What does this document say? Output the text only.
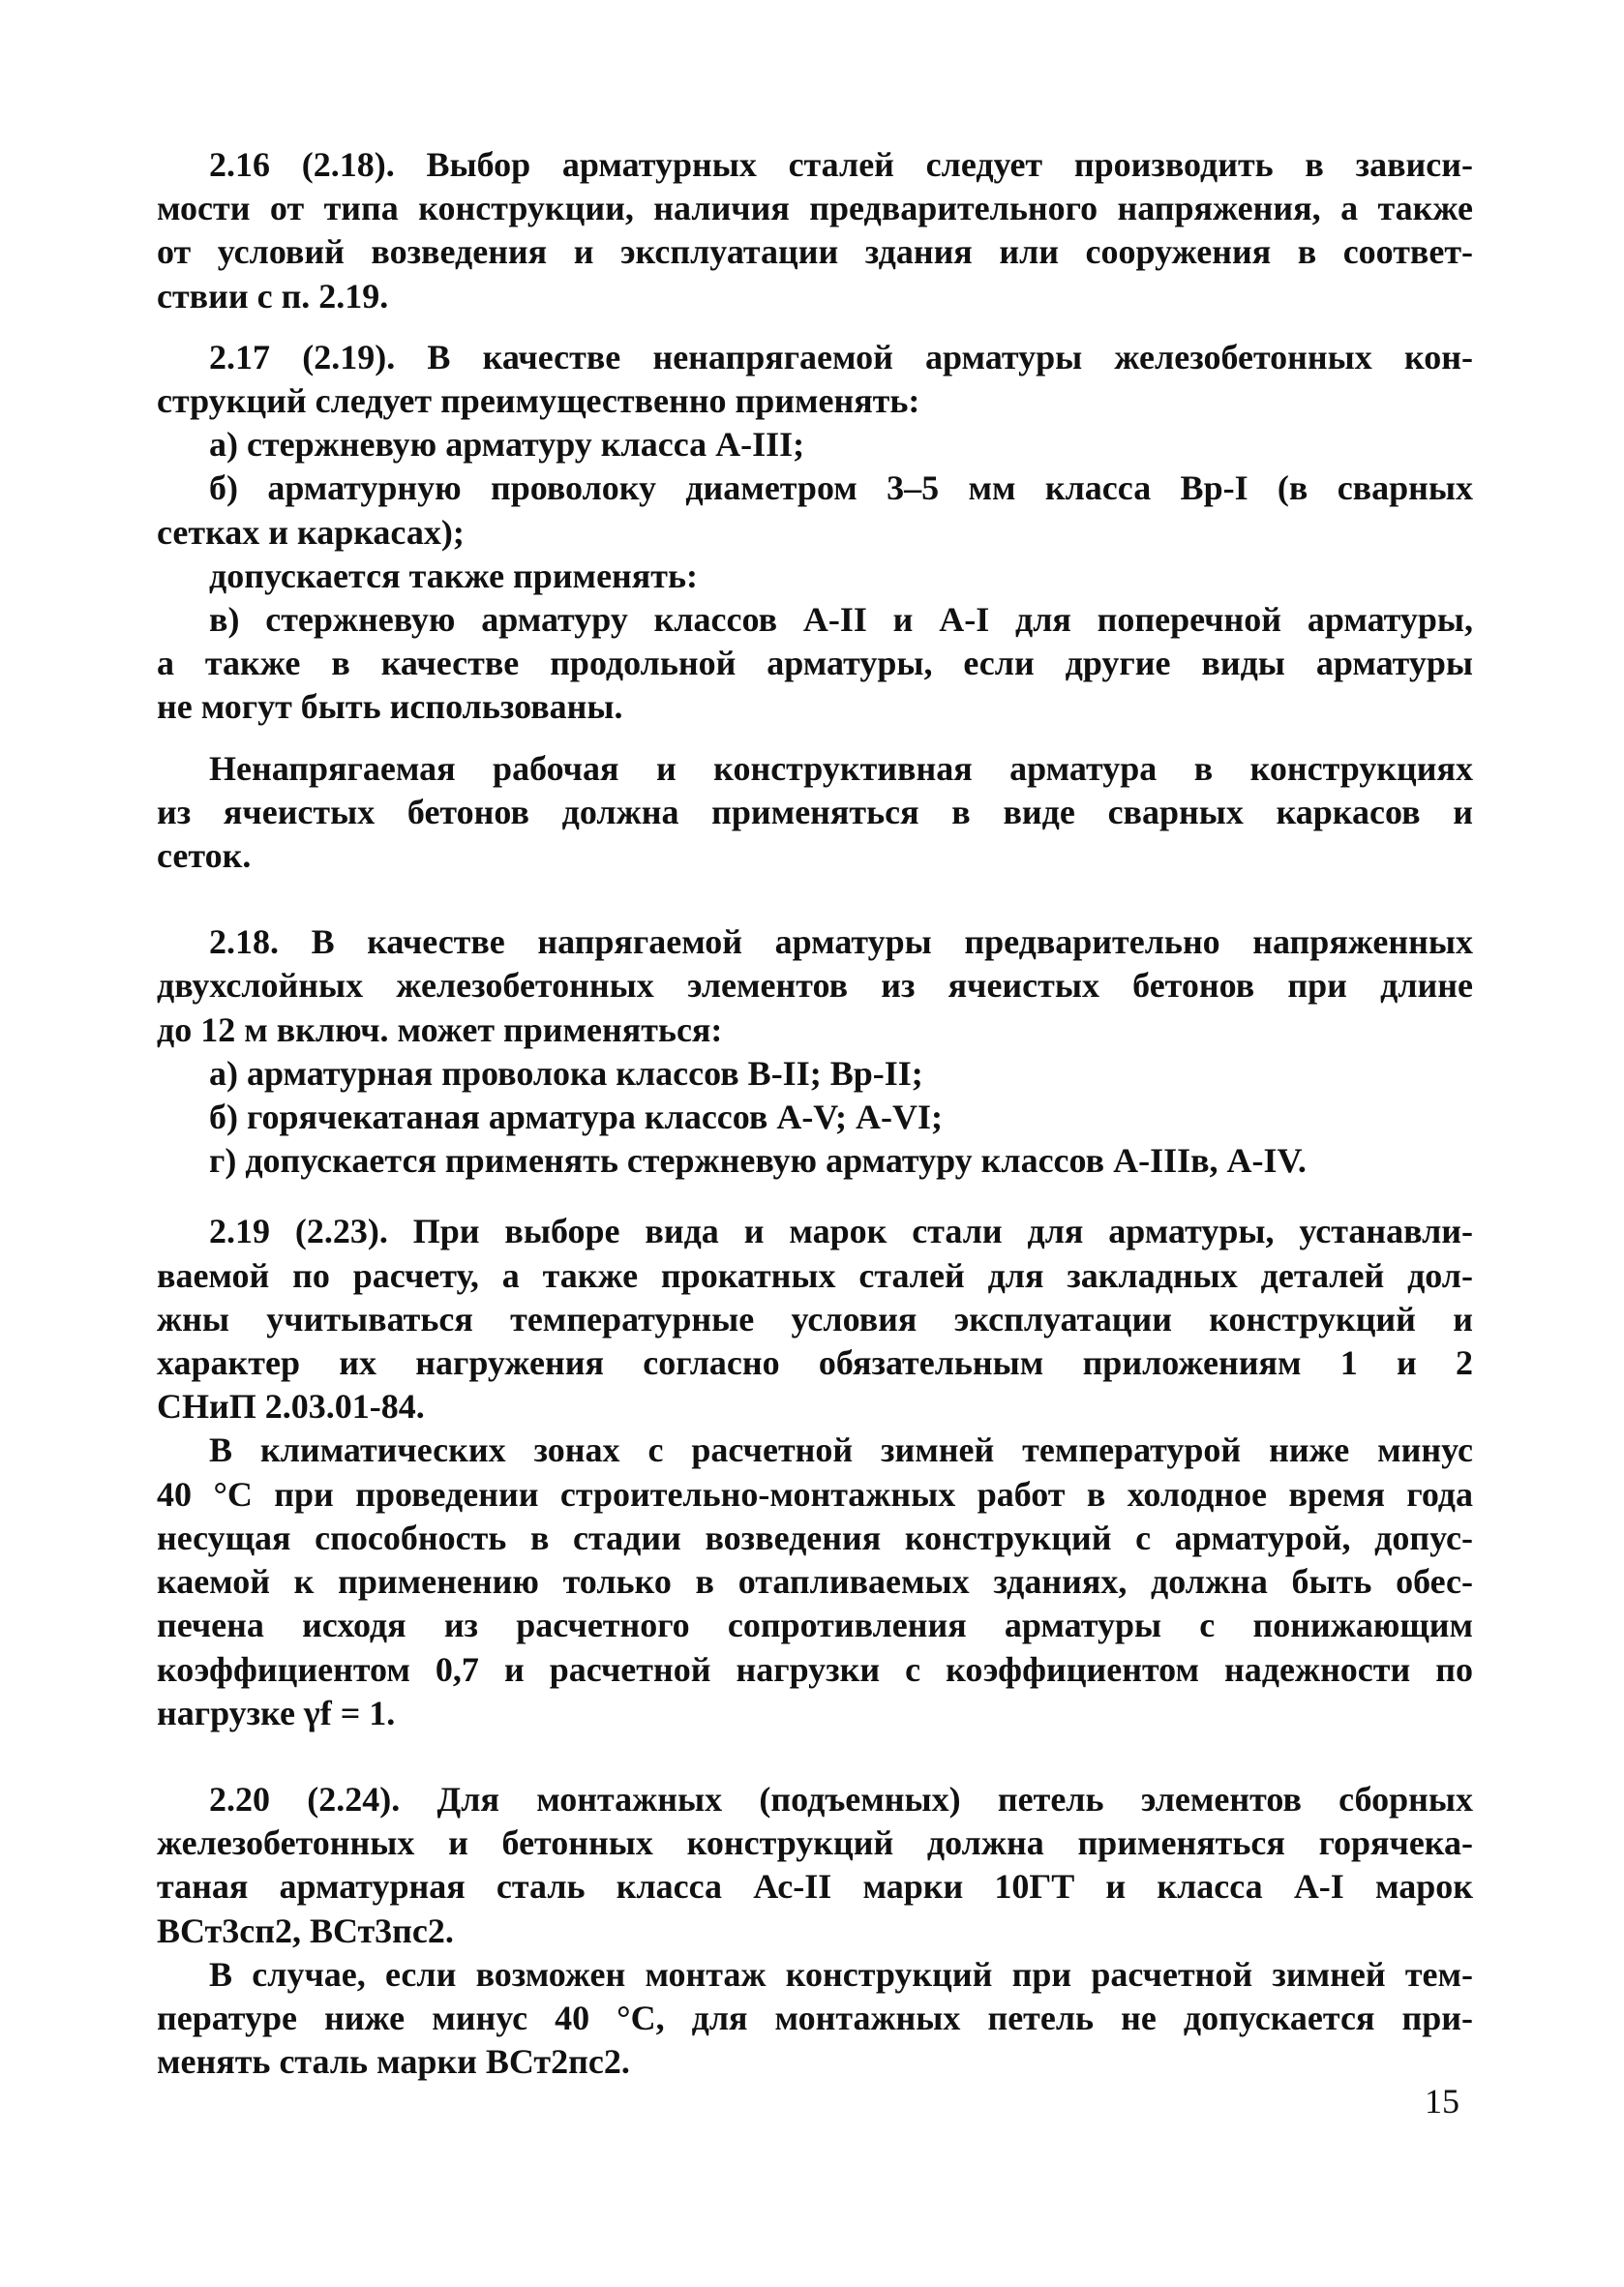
2.16 (2.18). Выбор арматурных сталей следует производить в зависи-
мости от типа конструкции, наличия предварительного напряжения, а также
от условий возведения и эксплуатации здания или сооружения в соответ-
ствии с п. 2.19.
2.17 (2.19). В качестве ненапрягаемой арматуры железобетонных кон-
струкций следует преимущественно применять:
а) стержневую арматуру класса А-III;
б) арматурную проволоку диаметром 3–5 мм класса Вр-I (в сварных
сетках и каркасах);
допускается также применять:
в) стержневую арматуру классов А-II и А-I для поперечной арматуры,
а также в качестве продольной арматуры, если другие виды арматуры
не могут быть использованы.
Ненапрягаемая рабочая и конструктивная арматура в конструкциях
из ячеистых бетонов должна применяться в виде сварных каркасов и
сеток.
2.18. В качестве напрягаемой арматуры предварительно напряженных
двухслойных железобетонных элементов из ячеистых бетонов при длине
до 12 м включ. может применяться:
а) арматурная проволока классов В-II; Вр-II;
б) горячекатаная арматура классов А-V; А-VI;
г) допускается применять стержневую арматуру классов А-IIIв, А-IV.
2.19 (2.23). При выборе вида и марок стали для арматуры, устанавли-
ваемой по расчету, а также прокатных сталей для закладных деталей дол-
жны учитываться температурные условия эксплуатации конструкций и
характер их нагружения согласно обязательным приложениям 1 и 2
СНиП 2.03.01-84.
В климатических зонах с расчетной зимней температурой ниже минус
40 °С при проведении строительно-монтажных работ в холодное время года
несущая способность в стадии возведения конструкций с арматурой, допус-
каемой к применению только в отапливаемых зданиях, должна быть обес-
печена исходя из расчетного сопротивления арматуры с понижающим
коэффициентом 0,7 и расчетной нагрузки с коэффициентом надежности по
нагрузке γf = 1.
2.20 (2.24). Для монтажных (подъемных) петель элементов сборных
железобетонных и бетонных конструкций должна применяться горячека-
таная арматурная сталь класса Ас-II марки 10ГТ и класса А-I марок
ВСт3сп2, ВСт3пс2.
В случае, если возможен монтаж конструкций при расчетной зимней тем-
пературе ниже минус 40 °С, для монтажных петель не допускается при-
менять сталь марки ВСт2пс2.
15
